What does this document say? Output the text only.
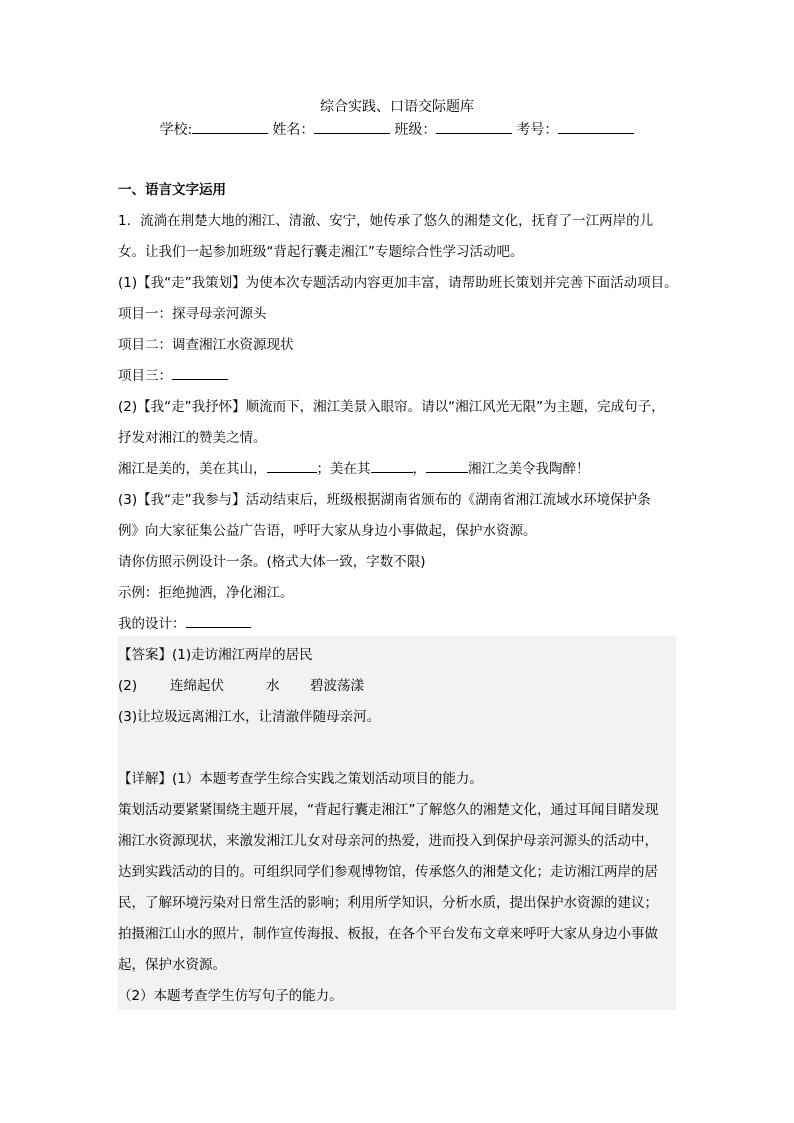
综合实践、口语交际题库
学校:	姓名：	班级：	考号：
一、语言文字运用
1．流淌在荆楚大地的湘江、清澈、安宁，她传承了悠久的湘楚文化，抚育了一江两岸的儿
女。让我们一起参加班级“背起行囊走湘江”专题综合性学习活动吧。
(1)【我“走”我策划】为使本次专题活动内容更加丰富，请帮助班长策划并完善下面活动项目。
项目一：探寻母亲河源头
项目二：调查湘江水资源现状
项目三：
(2)【我“走”我抒怀】顺流而下，湘江美景入眼帘。请以“湘江风光无限”为主题，完成句子，
抒发对湘江的赞美之情。
湘江是美的，美在其山，	；美在其	，	湘江之美令我陶醉！
(3)【我“走”我参与】活动结束后，班级根据湖南省颁布的《湖南省湘江流域水环境保护条
例》向大家征集公益广告语，呼吁大家从身边小事做起，保护水资源。
请你仿照示例设计一条。(格式大体一致，字数不限)
示例：拒绝抛洒，净化湘江。
我的设计：
【答案】(1)走访湘江两岸的居民
(2)	连绵起伏	水	碧波荡漾
(3)让垃圾远离湘江水，让清澈伴随母亲河。
【详解】(1）本题考查学生综合实践之策划活动项目的能力。
策划活动要紧紧围绕主题开展，“背起行囊走湘江”了解悠久的湘楚文化，通过耳闻目睹发现
湘江水资源现状，来激发湘江儿女对母亲河的热爱，进而投入到保护母亲河源头的活动中，
达到实践活动的目的。可组织同学们参观博物馆，传承悠久的湘楚文化；走访湘江两岸的居
民，了解环境污染对日常生活的影响；利用所学知识，分析水质，提出保护水资源的建议；
拍摄湘江山水的照片，制作宣传海报、板报，在各个平台发布文章来呼吁大家从身边小事做
起，保护水资源。
（2）本题考查学生仿写句子的能力。
